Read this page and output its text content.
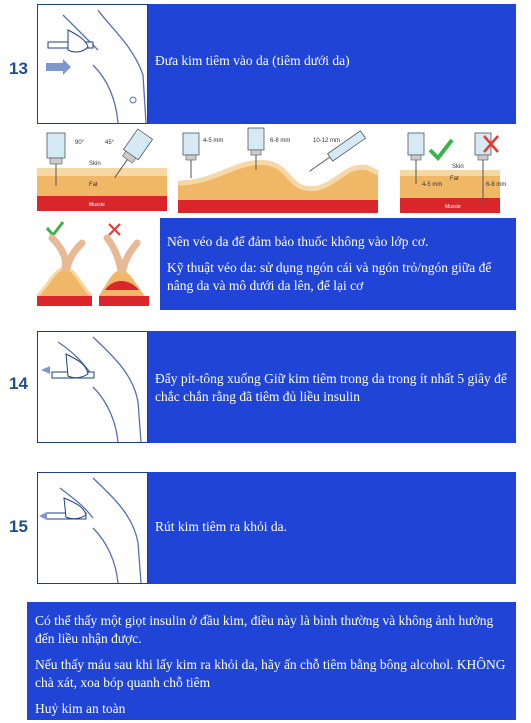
13	Đưa kim tiêm vào da (tiêm dưới da)
90°	45°
Skin
Fat
Muscle
4-5 mm	6-8 mm	10-12 mm
Skin
4-5 mm
Fat
6-8 mm
Muscle

Nên véo da để đảm bảo thuốc không vào lớp cơ.

Kỹ thuật véo da: sử dụng ngón cái và ngón trỏ/ngón giữa để nâng da và mô dưới da lên, để lại cơ

14	Đẩy pít-tông xuống Giữ kim tiêm trong da trong ít nhất 5 giây để chắc chắn rằng đã tiêm đủ liều insulin
15	Rút kim tiêm ra khỏi da.

Có thể thấy một giọt insulin ở đầu kim, điều này là bình thường và không ảnh hưởng đến liều nhận được.

Nếu thấy máu sau khi lấy kim ra khỏi da, hãy ấn chỗ tiêm bằng bông alcohol. KHÔNG chà xát, xoa bóp quanh chỗ tiêm

Huỷ kim an toàn
